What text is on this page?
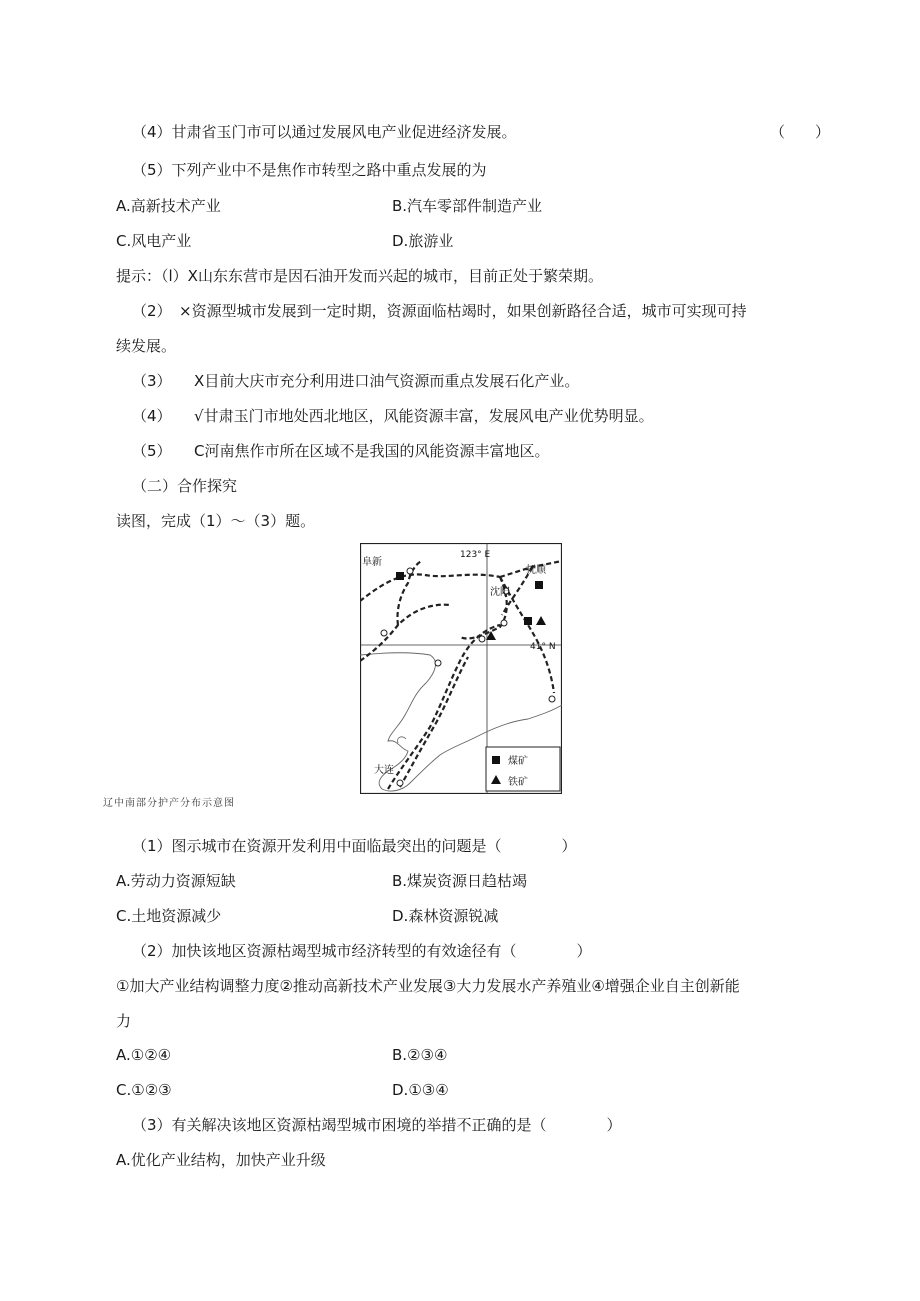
（4）甘肃省玉门市可以通过发展风电产业促进经济发展。	（　　）
（5）下列产业中不是焦作市转型之路中重点发展的为
A.高新技术产业	B.汽车零部件制造产业
C.风电产业	D.旅游业
提示：（l）X山东东营市是因石油开发而兴起的城市，目前正处于繁荣期。
（2）　×资源型城市发展到一定时期，资源面临枯竭时，如果创新路径合适，城市可实现可持
续发展。
（3）　　X目前大庆市充分利用进口油气资源而重点发展石化产业。
（4）　　√甘肃玉门市地处西北地区，风能资源丰富，发展风电产业优势明显。
（5）　　C河南焦作市所在区域不是我国的风能资源丰富地区。
（二）合作探究
读图，完成（1）～（3）题。
阜新
123° E
抚顺
沈阳
41° N
大连
煤矿
铁矿
辽中南部分护产分布示意图
（1）图示城市在资源开发利用中面临最突出的问题是（　　　　）
A.劳动力资源短缺	B.煤炭资源日趋枯竭
C.土地资源减少	D.森林资源锐减
（2）加快该地区资源枯竭型城市经济转型的有效途径有（　　　　）
①加大产业结构调整力度②推动高新技术产业发展③大力发展水产养殖业④增强企业自主创新能
力
A.①②④	B.②③④
C.①②③	D.①③④
（3）有关解决该地区资源枯竭型城市困境的举措不正确的是（　　　　）
A.优化产业结构，加快产业升级
